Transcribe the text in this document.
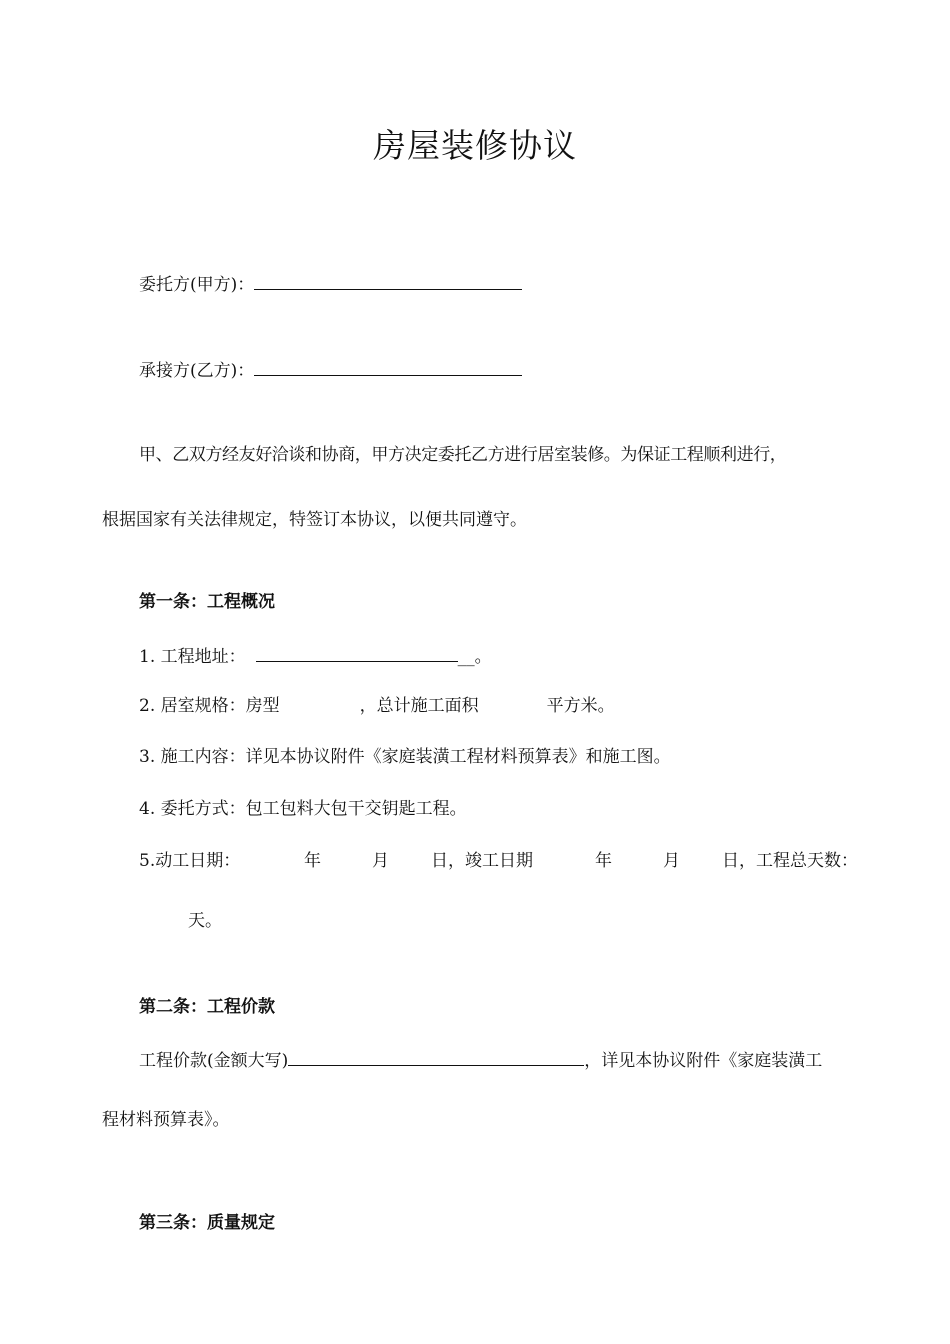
房屋装修协议
委托方(甲方)：
承接方(乙方)：
甲、乙双方经友好洽谈和协商，甲方决定委托乙方进行居室装修。为保证工程顺利进行，
根据国家有关法律规定，特签订本协议，以便共同遵守。
第一条：工程概况
1. 工程地址：	__。
2. 居室规格：房型	，总计施工面积	平方米。
3. 施工内容：详见本协议附件《家庭装潢工程材料预算表》和施工图。
4. 委托方式：包工包料大包干交钥匙工程。
5.动工日期：	年	月 日，竣工日期	年	月 日，工程总天数：
天。
第二条：工程价款
工程价款(金额大写)	，详见本协议附件《家庭装潢工
程材料预算表》。
第三条：质量规定
